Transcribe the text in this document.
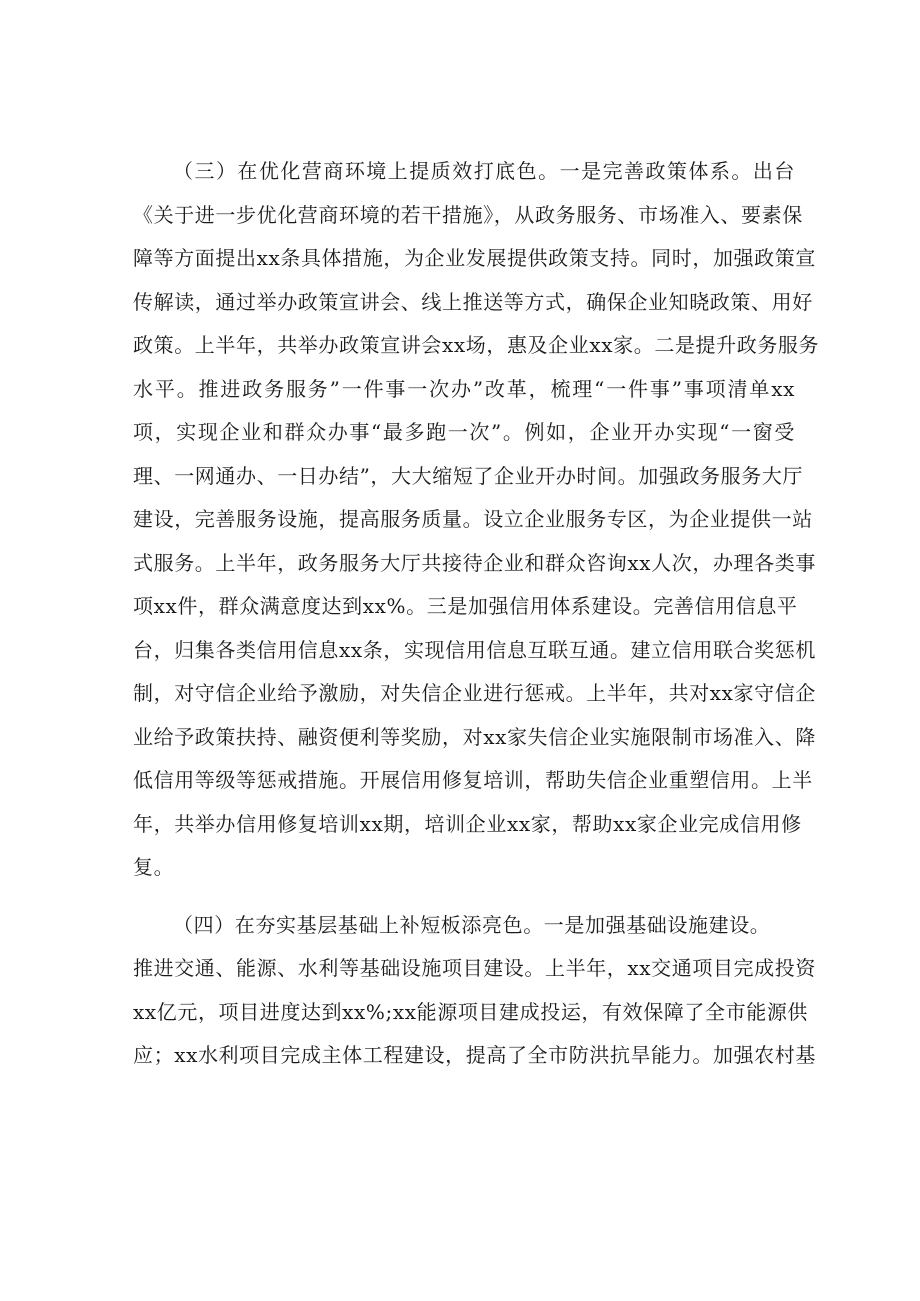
（三）在优化营商环境上提质效打底色。一是完善政策体系。出台
《关于进一步优化营商环境的若干措施》，从政务服务、市场准入、要素保
障等方面提出xx条具体措施，为企业发展提供政策支持。同时，加强政策宣
传解读，通过举办政策宣讲会、线上推送等方式，确保企业知晓政策、用好
政策。上半年，共举办政策宣讲会xx场，惠及企业xx家。二是提升政务服务
水平。推进政务服务”一件事一次办”改革，梳理“一件事”事项清单xx
项，实现企业和群众办事“最多跑一次”。例如，企业开办实现“一窗受
理、一网通办、一日办结”，大大缩短了企业开办时间。加强政务服务大厅
建设，完善服务设施，提高服务质量。设立企业服务专区，为企业提供一站
式服务。上半年，政务服务大厅共接待企业和群众咨询xx人次，办理各类事
项xx件，群众满意度达到xx%。三是加强信用体系建设。完善信用信息平
台，归集各类信用信息xx条，实现信用信息互联互通。建立信用联合奖惩机
制，对守信企业给予激励，对失信企业进行惩戒。上半年，共对xx家守信企
业给予政策扶持、融资便利等奖励，对xx家失信企业实施限制市场准入、降
低信用等级等惩戒措施。开展信用修复培训，帮助失信企业重塑信用。上半
年，共举办信用修复培训xx期，培训企业xx家，帮助xx家企业完成信用修
复。
（四）在夯实基层基础上补短板添亮色。一是加强基础设施建设。
推进交通、能源、水利等基础设施项目建设。上半年，xx交通项目完成投资
xx亿元，项目进度达到xx%;xx能源项目建成投运，有效保障了全市能源供
应；xx水利项目完成主体工程建设，提高了全市防洪抗旱能力。加强农村基
